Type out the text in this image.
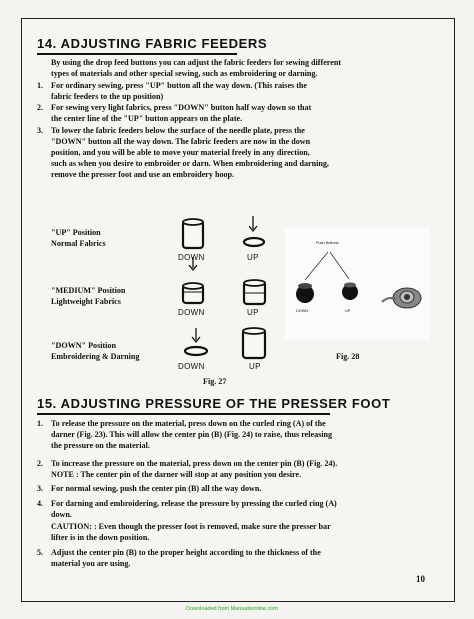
14. ADJUSTING FABRIC FEEDERS
By using the drop feed buttons you can adjust the fabric feeders for sewing different
types of materials and other special sewing, such as embroidering or darning.
1. For ordinary sewing, press "UP" button all the way down. (This raises the
fabric feeders to the up position)
2. For sewing very light fabrics, press "DOWN" button half way down so that
the center line of the "UP" button appears on the plate.
3. To lower the fabric feeders below the surface of the needle plate, press the
"DOWN" button all the way down. The fabric feeders are now in the down
position, and you will be able to move your material freely in any direction,
such as when you desire to embroider or darn. When embroidering and darning,
remove the presser foot and use an embroidery hoop.
"UP" Position
Normal Fabrics
"MEDIUM" Position
Lightweight Fabrics
"DOWN" Position
Embroidering & Darning
DOWN	UP
DOWN	UP
DOWN	UP
Fig. 27
Push Buttons
DOWN	UP
Fig. 28
15. ADJUSTING PRESSURE OF THE PRESSER FOOT
1. To release the pressure on the material, press down on the curled ring (A) of the
darner (Fig. 23). This will allow the center pin (B) (Fig. 24) to raise, thus releasing
the pressure on the material.
2. To increase the pressure on the material, press down on the center pin (B) (Fig. 24).
NOTE : The center pin of the darner will stop at any position you desire.
3. For normal sewing, push the center pin (B) all the way down.
4. For darning and embroidering, release the pressure by pressing the curled ring (A)
down.
CAUTION: : Even though the presser foot is removed, make sure the presser bar
lifter is in the down position.
5. Adjust the center pin (B) to the proper height according to the thickness of the
material you are using.
10
Downloaded from Manualsonline.com
